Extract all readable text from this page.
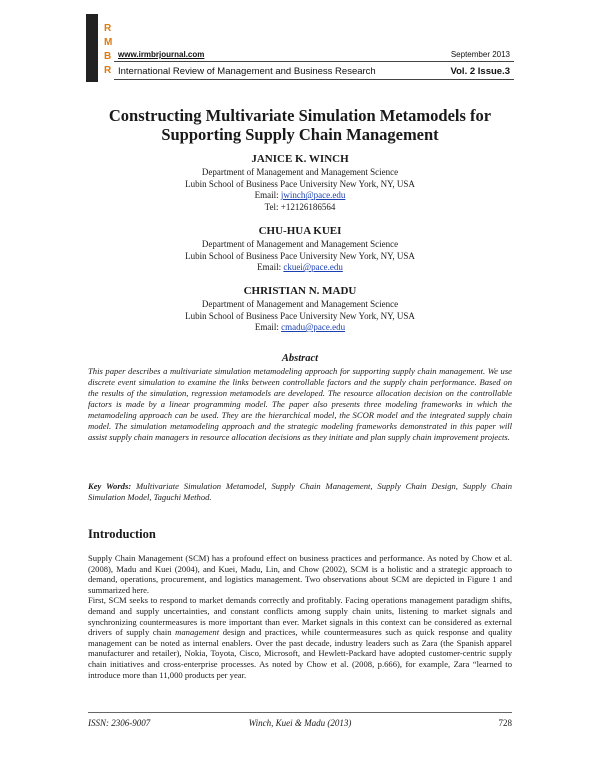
R
M
B
R
www.irmbrjournal.com	September 2013
International Review of Management and Business Research	Vol. 2 Issue.3
Constructing Multivariate Simulation Metamodels for
Supporting Supply Chain Management
JANICE K. WINCH
Department of Management and Management Science
Lubin School of Business Pace University New York, NY, USA
Email: jwinch@pace.edu
Tel: +12126186564
CHU-HUA KUEI
Department of Management and Management Science
Lubin School of Business Pace University New York, NY, USA
Email: ckuei@pace.edu
CHRISTIAN N. MADU
Department of Management and Management Science
Lubin School of Business Pace University New York, NY, USA
Email: cmadu@pace.edu
Abstract
This paper describes a multivariate simulation metamodeling approach for supporting supply chain management. We use discrete event simulation to examine the links between controllable factors and the supply chain performance. Based on the results of the simulation, regression metamodels are developed. The resource allocation decision on the controllable factors is made by a linear programming model. The paper also presents three modeling frameworks in which the metamodeling approach can be used. They are the hierarchical model, the SCOR model and the integrated supply chain model. The simulation metamodeling approach and the strategic modeling frameworks demonstrated in this paper will assist supply chain managers in resource allocation decisions as they initiate and plan supply chain improvement projects.
Key Words: Multivariate Simulation Metamodel, Supply Chain Management, Supply Chain Design, Supply Chain Simulation Model, Taguchi Method.
Introduction

Supply Chain Management (SCM) has a profound effect on business practices and performance. As noted by Chow et al. (2008), Madu and Kuei (2004), and Kuei, Madu, Lin, and Chow (2002), SCM is a holistic and a strategic approach to demand, operations, procurement, and logistics management. Two observations about SCM are depicted in Figure 1 and summarized here.

First, SCM seeks to respond to market demands correctly and profitably. Facing operations management paradigm shifts, demand and supply uncertainties, and constant conflicts among supply chain units, listening to market signals and synchronizing countermeasures is more important than ever. Market signals in this context can be considered as external drivers of supply chain management design and practices, while countermeasures such as quick response and quality management can be noted as internal enablers. Over the past decade, industry leaders such as Zara (the Spanish apparel manufacturer and retailer), Nokia, Toyota, Cisco, Microsoft, and Hewlett-Packard have adopted customer-centric supply chain initiatives and cross-enterprise processes. As noted by Chow et al. (2008, p.666), for example, Zara “learned to introduce more than 11,000 products per year.

ISSN: 2306-9007	Winch, Kuei & Madu (2013)	728
